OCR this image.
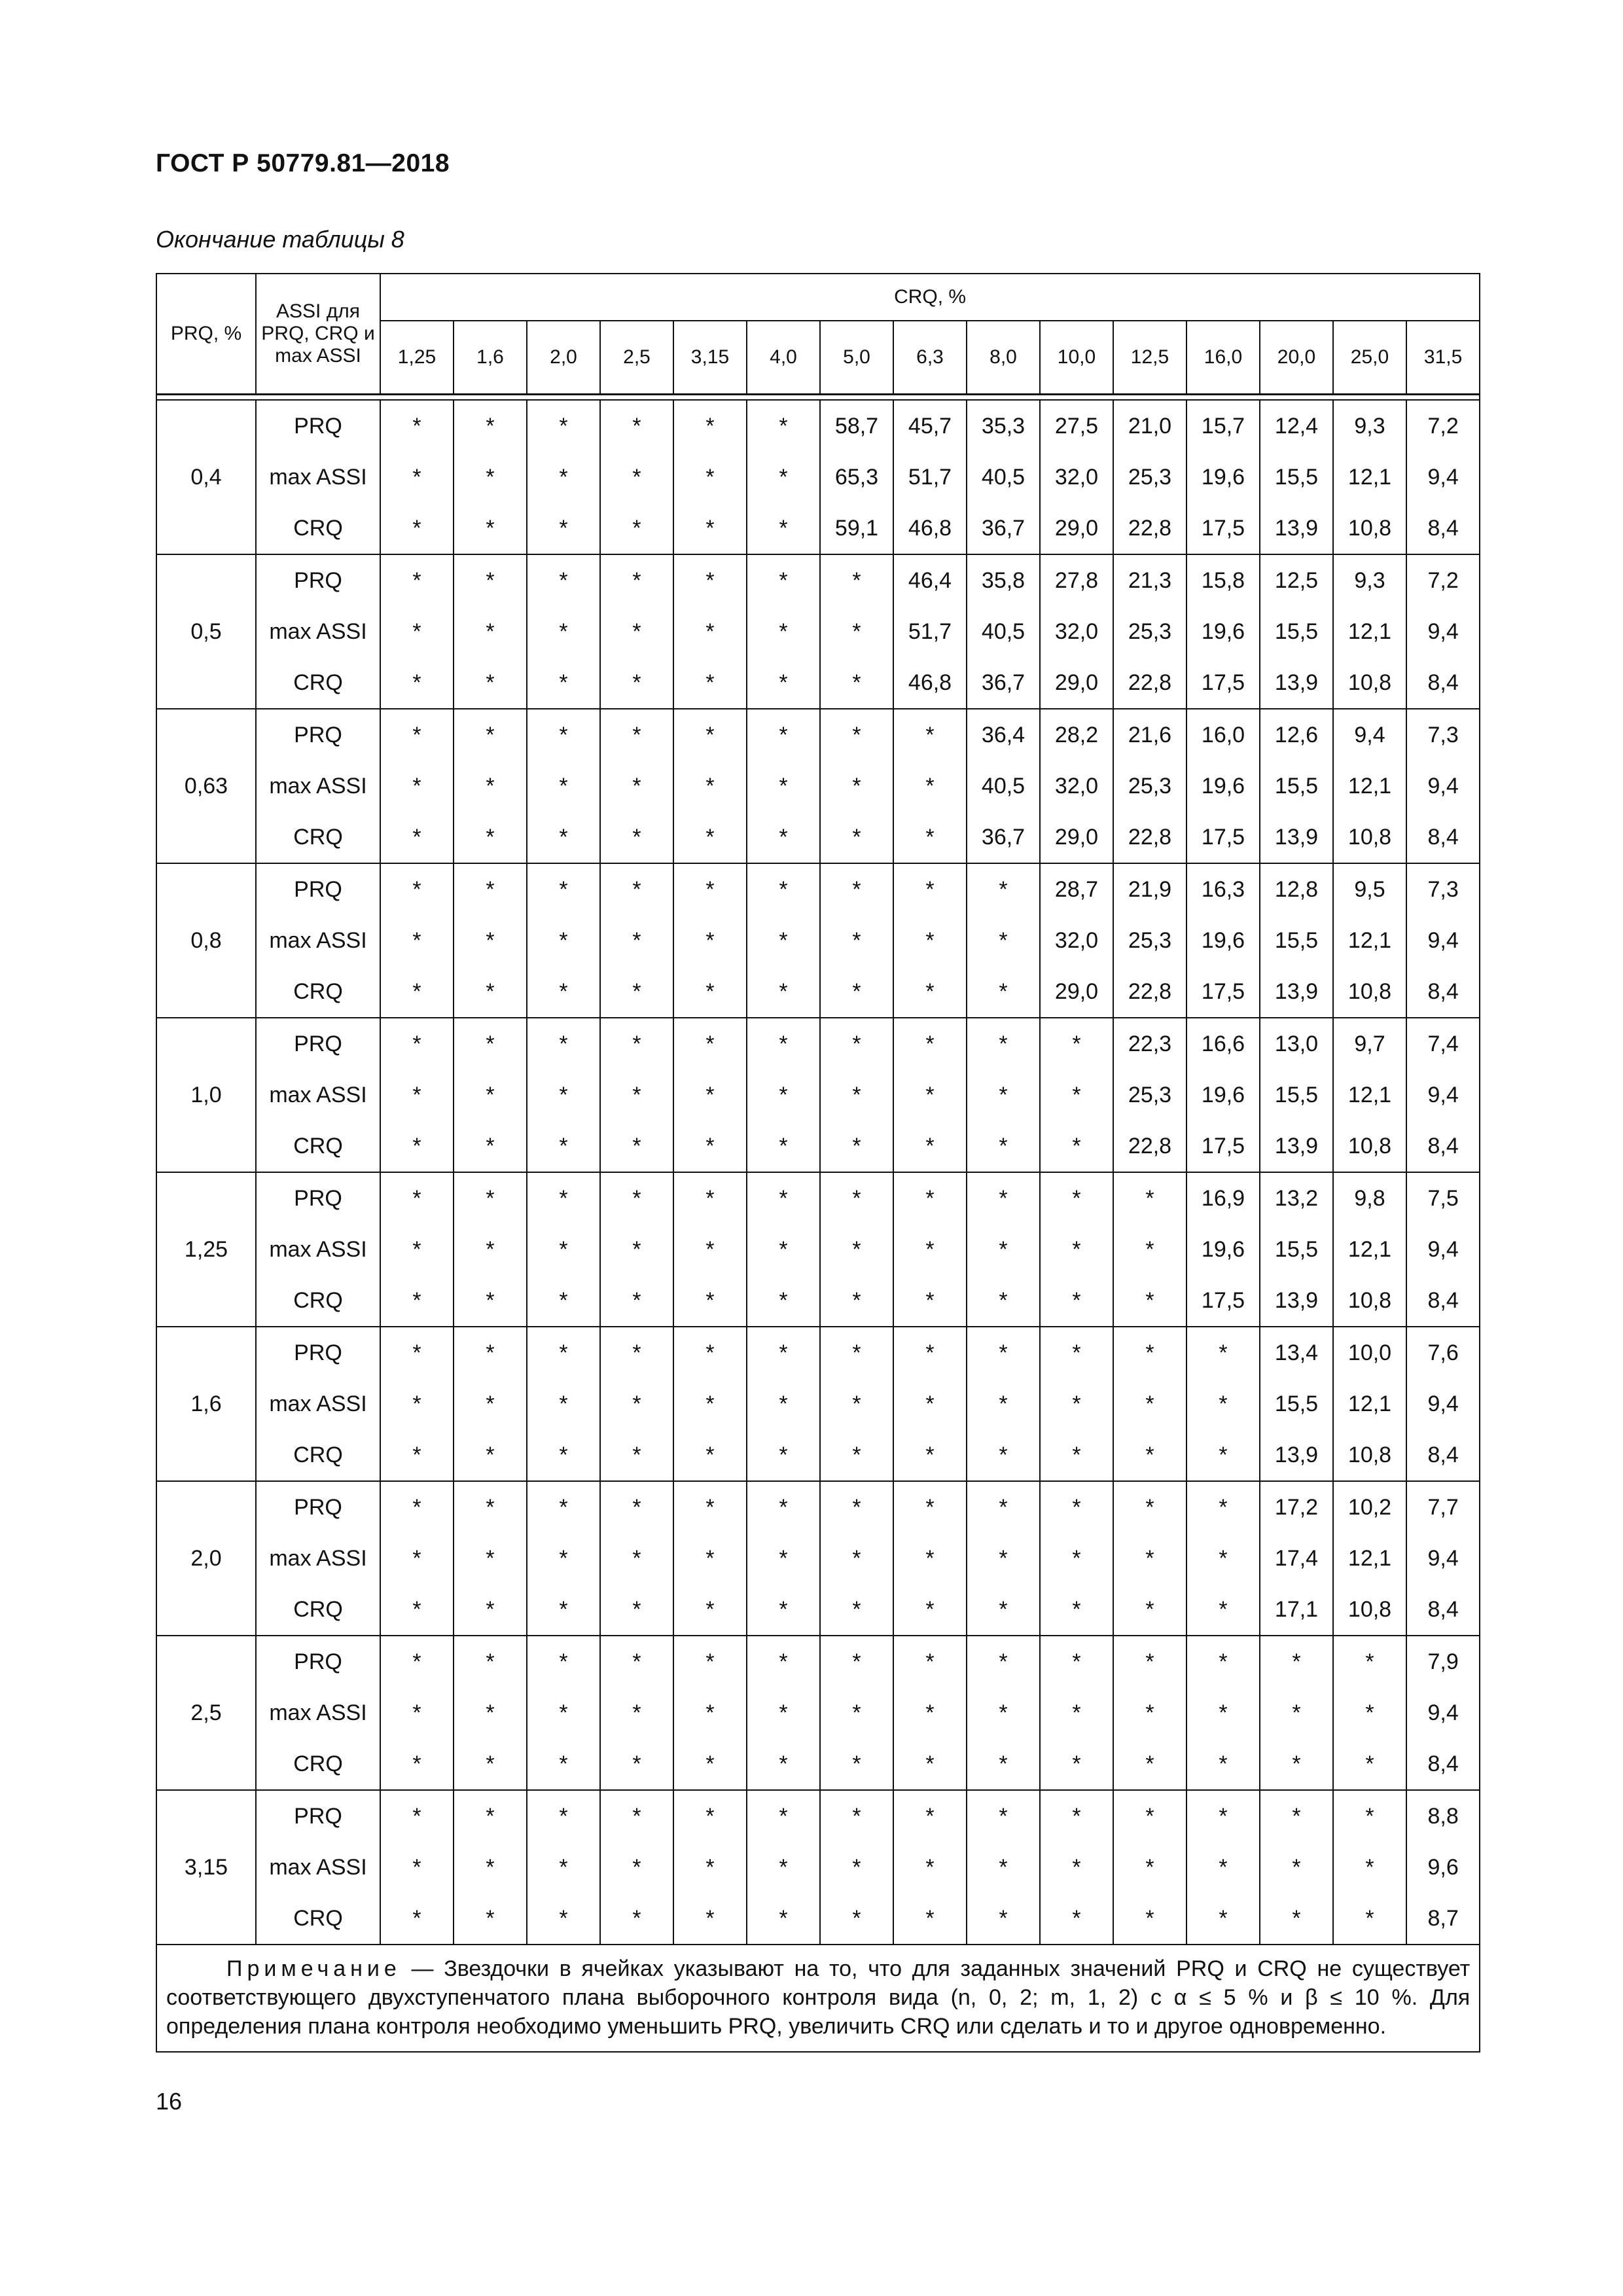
ГОСТ Р 50779.81—2018
Окончание таблицы 8
PRQ, %	ASSI для PRQ, CRQ и max ASSI	CRQ, %														
		1,25	1,6	2,0	2,5	3,15	4,0	5,0	6,3	8,0	10,0	12,5	16,0	20,0	25,0	31,5

0,4	PRQ	*	*	*	*	*	*	58,7	45,7	35,3	27,5	21,0	15,7	12,4	9,3	7,2
	max ASSI	*	*	*	*	*	*	65,3	51,7	40,5	32,0	25,3	19,6	15,5	12,1	9,4
	CRQ	*	*	*	*	*	*	59,1	46,8	36,7	29,0	22,8	17,5	13,9	10,8	8,4
0,5	PRQ	*	*	*	*	*	*	*	46,4	35,8	27,8	21,3	15,8	12,5	9,3	7,2
	max ASSI	*	*	*	*	*	*	*	51,7	40,5	32,0	25,3	19,6	15,5	12,1	9,4
	CRQ	*	*	*	*	*	*	*	46,8	36,7	29,0	22,8	17,5	13,9	10,8	8,4
0,63	PRQ	*	*	*	*	*	*	*	*	36,4	28,2	21,6	16,0	12,6	9,4	7,3
	max ASSI	*	*	*	*	*	*	*	*	40,5	32,0	25,3	19,6	15,5	12,1	9,4
	CRQ	*	*	*	*	*	*	*	*	36,7	29,0	22,8	17,5	13,9	10,8	8,4
0,8	PRQ	*	*	*	*	*	*	*	*	*	28,7	21,9	16,3	12,8	9,5	7,3
	max ASSI	*	*	*	*	*	*	*	*	*	32,0	25,3	19,6	15,5	12,1	9,4
	CRQ	*	*	*	*	*	*	*	*	*	29,0	22,8	17,5	13,9	10,8	8,4
1,0	PRQ	*	*	*	*	*	*	*	*	*	*	22,3	16,6	13,0	9,7	7,4
	max ASSI	*	*	*	*	*	*	*	*	*	*	25,3	19,6	15,5	12,1	9,4
	CRQ	*	*	*	*	*	*	*	*	*	*	22,8	17,5	13,9	10,8	8,4
1,25	PRQ	*	*	*	*	*	*	*	*	*	*	*	16,9	13,2	9,8	7,5
	max ASSI	*	*	*	*	*	*	*	*	*	*	*	19,6	15,5	12,1	9,4
	CRQ	*	*	*	*	*	*	*	*	*	*	*	17,5	13,9	10,8	8,4
1,6	PRQ	*	*	*	*	*	*	*	*	*	*	*	*	13,4	10,0	7,6
	max ASSI	*	*	*	*	*	*	*	*	*	*	*	*	15,5	12,1	9,4
	CRQ	*	*	*	*	*	*	*	*	*	*	*	*	13,9	10,8	8,4
2,0	PRQ	*	*	*	*	*	*	*	*	*	*	*	*	17,2	10,2	7,7
	max ASSI	*	*	*	*	*	*	*	*	*	*	*	*	17,4	12,1	9,4
	CRQ	*	*	*	*	*	*	*	*	*	*	*	*	17,1	10,8	8,4
2,5	PRQ	*	*	*	*	*	*	*	*	*	*	*	*	*	*	7,9
	max ASSI	*	*	*	*	*	*	*	*	*	*	*	*	*	*	9,4
	CRQ	*	*	*	*	*	*	*	*	*	*	*	*	*	*	8,4
3,15	PRQ	*	*	*	*	*	*	*	*	*	*	*	*	*	*	8,8
	max ASSI	*	*	*	*	*	*	*	*	*	*	*	*	*	*	9,6
	CRQ	*	*	*	*	*	*	*	*	*	*	*	*	*	*	8,7
Примечание — Звездочки в ячейках указывают на то, что для заданных значений PRQ и CRQ не существует соответствующего двухступенчатого плана выборочного контроля вида (n, 0, 2; m, 1, 2) с α ≤ 5 % и β ≤ 10 %. Для определения плана контроля необходимо уменьшить PRQ, увеличить CRQ или сделать и то и другое одновременно.																
16
